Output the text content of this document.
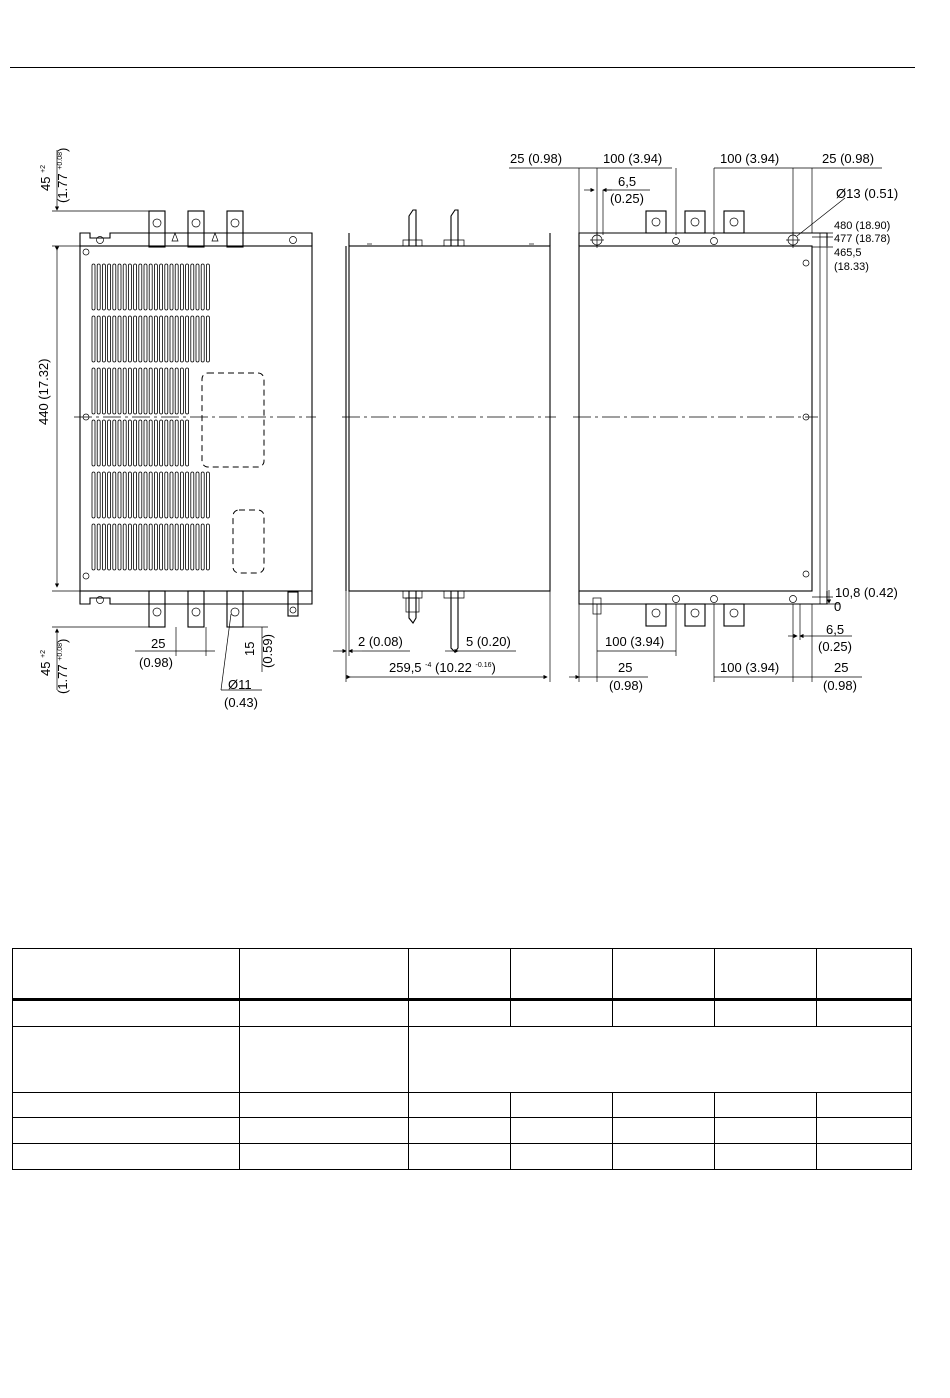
45 $^{+2}$
(1.77 $^{+0.08}$)
440 (17.32)
45 $^{+2}$
(1.77 $^{+0.08}$)	25
(0.98)
15 (0.59)
Ø11
(0.43)
2 (0.08)	5 (0.20)
259,5 $^{-4}$ (10.22 $^{-0.16}$)
25 (0.98)	100 (3.94)	100 (3.94)	25 (0.98)
6,5
(0.25)	Ø13 (0.51)
480 (18.90)
477 (18.78)
465,5
(18.33)
10,8 (0.42)
0
6,5
(0.25)
100 (3.94)
25
(0.98)
100 (3.94)	25
(0.98)
